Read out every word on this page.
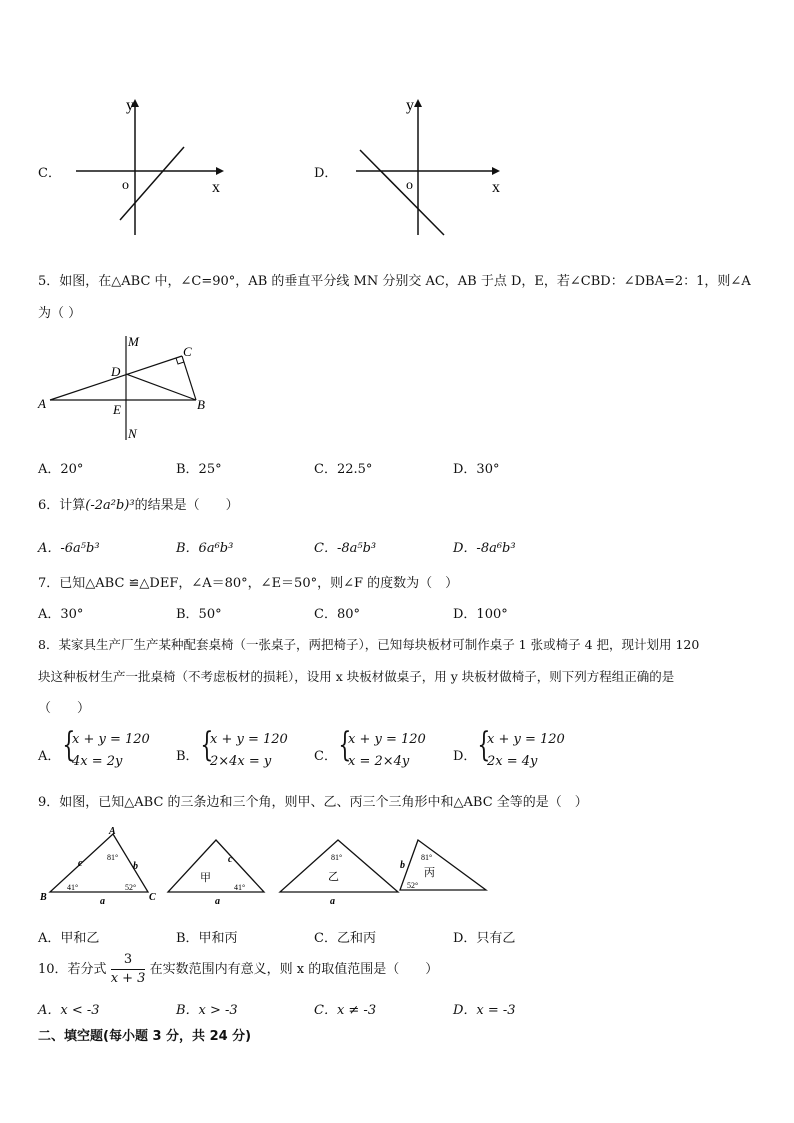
C．
y
x
o
D．
y
x
o
5．如图，在△ABC 中，∠C=90°，AB 的垂直平分线 MN 分别交 AC，AB 于点 D，E，若∠CBD：∠DBA=2：1，则∠A
为（ ）
M
C
D
A	E	B
N
A．20°	B．25°	C．22.5°	D．30°
6．计算(-2a²b)³的结果是（　　）
A．-6a⁵b³	B．6a⁶b³	C．-8a⁵b³	D．-8a⁶b³
7．已知△ABC ≌△DEF，∠A＝80°，∠E＝50°，则∠F 的度数为（　）
A．30°	B．50°	C．80°	D．100°
8．某家具生产厂生产某种配套桌椅（一张桌子，两把椅子），已知每块板材可制作桌子 1 张或椅子 4 把，现计划用 120
块这种板材生产一批桌椅（不考虑板材的损耗），设用 x 块板材做桌子，用 y 块板材做椅子，则下列方程组正确的是
（　　）
A． {
x + y = 120
4x = 2y	B． {
x + y = 120
2×4x = y	C． {
x + y = 120
x = 2×4y	D． {
x + y = 120
2x = 4y
9．如图，已知△ABC 的三条边和三个角，则甲、乙、丙三个三角形中和△ABC 全等的是（　）
A
B	C
c	b
a
81°
41°	52°
c
a
甲
41°
81°
乙
a
b
81°
52°
丙
A．甲和乙	B．甲和丙	C．乙和丙	D．只有乙
10．若分式 $\frac{3}{x + 3}$ 在实数范围内有意义，则 x 的取值范围是（　　）
A．x < -3	B．x > -3	C．x ≠ -3	D．x = -3
二、填空题(每小题 3 分，共 24 分)
